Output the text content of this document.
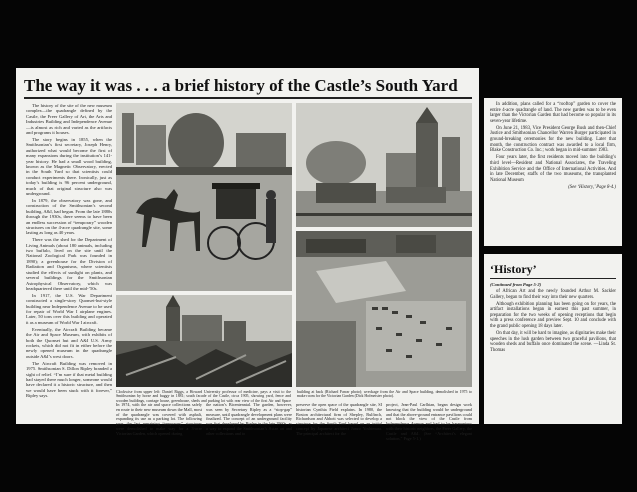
The way it was . . . a brief history of the Castle’s South Yard

The history of the site of the new museum complex—the quadrangle defined by the Castle, the Freer Gallery of Art, the Arts and Industries Building and Independence Avenue—is almost as rich and varied as the artifacts and programs it houses.

The story begins in 1855, when the Smithsonian’s first secretary, Joseph Henry, authorized what would become the first of many expansions during the institution’s 141-year history. He had a small wood building, known as the Magnetic Observatory, erected in the South Yard so that scientists could conduct experiments there. Ironically, just as today’s building is 96 percent underground, much of that original structure also was underground.

In 1879, the observatory was gone, and construction of the Smithsonian’s second building, A&I, had begun. From the late 1880s through the 1930s, there seems to have been an endless succession of “temporary” wooden structures on the 4-acre quadrangle site, some lasting as long as 40 years.

There was the shed for the Department of Living Animals (about 180 animals, including two buffalo, lived on the site until the National Zoological Park was founded in 1890); a greenhouse for the Division of Radiation and Organisms, where scientists studied the effects of sunlight on plants, and several buildings for the Smithsonian Astrophysical Observatory, which was headquartered there until the mid-’50s.

In 1917, the U.S. War Department constructed a single-story Quonset-hut-style building near Independence Avenue to be used for repair of World War I airplane engines. Later, 50 tons over this building and operated it as a museum of World War I aircraft.

Eventually, the Aircraft Building became the Air and Space Museum, with exhibits of both the Quonset hut and A&I U.S. Army rockets, which did not fit in either before the newly opened museum in the quadrangle outside A&I’s west doors.

The Aircraft Building was removed in 1975. Smithsonian S. Dillon Ripley branded a sight of relief. “I’m sure if that metal building had stayed there much longer, someone would have declared it a historic structure, and then we would have been stuck with it forever,” Ripley says.

Clockwise from upper left: Daniel Riggs, a Howard University professor of medicine, pays a visit to the Smithsonian by horse and buggy in 1881; south facade of the Castle, circa 1905, showing yard, fence and wooden buildings, carriage house, greenhouse, sheds and parking lot with rear view of the first Air and Space building at back (Richard Farrar photo); wreckage from the Air and Space building, demolished in 1975 to make room for the Victorian Garden (Dick Hofmeister photo).

In 1974, with the air and space collections safely en route to their new museum down the Mall, most of the quadrangle was covered with asphalt, expanding its use as a parking lot. The following year, the last remaining “temporary” structures were demolished to make way for a 3-acre Victorian Garden, which opened during

the nation’s Bicentennial. The garden, however, was seen by Secretary Ripley as a “stop-gap” measure, until quadrangle development plans were finalized. The concept of an underground facility was first developed by Ripley in the late 1960s, as a way to expand the Smithsonian’s Asian art and other collections and to

preserve the open space of the quadrangle site, SI historian Cynthia Field explains. In 1980, the Boston architectural firm of Shepley, Bulfinch, Richardson and Abbott was selected to develop a structure for the South Yard based on an initial concept by Japanese architect Junzo Yoshimura. The principal architect for the

project, Jean-Paul Carlhian, began design work knowing that the building would be underground and that the above-ground entrance pavilions could not block the view of the Castle from Independence Avenue and had to be harmonious with their historic neighbors, the Freer Gallery, the Castle and A&I. (See “Architect’s elegant solution,” Page 5-1.)

In addition, plans called for a “rooftop” garden to cover the entire 4-acre quadrangle of land. The new garden was to be even larger than the Victorian Garden that had become so popular in its seven-year lifetime.

On June 21, 1983, Vice President George Bush and then-Chief Justice and Smithsonian Chancellor Warren Burger participated in ground-breaking ceremonies for the new building. Later that month, the construction contract was awarded to a local firm, Blake Construction Co. Inc.; work began in mid-summer 1983.

Four years later, the first residents moved into the building’s third level—Resident and National Associates, the Traveling Exhibition Service and the Office of International Activities. And in late December, staffs of the two museums, the transplanted National Museum

(See ‘History,’ Page 8-4.)
‘History’
(Continued from Page 5-2)

of African Art and the newly founded Arthur M. Sackler Gallery, began to find their way into their new quarters.

Although exhibition planning has been going on for years, the artifact installations began in earnest this past summer, in preparation for the two weeks of opening receptions that begin with a press conference and preview Sept. 10 and conclude with the grand public opening 18 days later.

On that day, it will be hard to imagine, as dignitaries make their speeches in the lush garden between two graceful pavilions, that wooden sheds and buffalo once dominated the scene. —Linda St. Thomas
